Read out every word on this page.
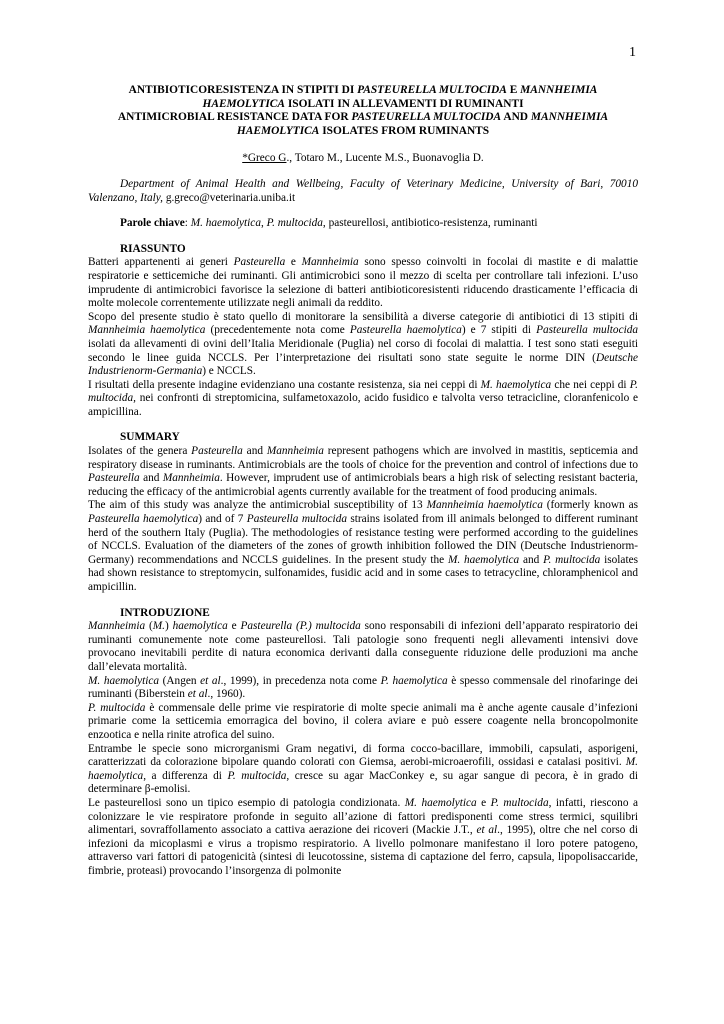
1
ANTIBIOTICORESISTENZA IN STIPITI DI PASTEURELLA MULTOCIDA E MANNHEIMIA HAEMOLYTICA ISOLATI IN ALLEVAMENTI DI RUMINANTI
ANTIMICROBIAL RESISTANCE DATA FOR PASTEURELLA MULTOCIDA AND MANNHEIMIA HAEMOLYTICA ISOLATES FROM RUMINANTS
*Greco G., Totaro M., Lucente M.S., Buonavoglia D.
Department of Animal Health and Wellbeing, Faculty of Veterinary Medicine, University of Bari, 70010 Valenzano, Italy, g.greco@veterinaria.uniba.it
Parole chiave: M. haemolytica, P. multocida, pasteurellosi, antibiotico-resistenza, ruminanti
RIASSUNTO

Batteri appartenenti ai generi Pasteurella e Mannheimia sono spesso coinvolti in focolai di mastite e di malattie respiratorie e setticemiche dei ruminanti. Gli antimicrobici sono il mezzo di scelta per controllare tali infezioni. L’uso imprudente di antimicrobici favorisce la selezione di batteri antibioticoresistenti riducendo drasticamente l’efficacia di molte molecole correntemente utilizzate negli animali da reddito.

Scopo del presente studio è stato quello di monitorare la sensibilità a diverse categorie di antibiotici di 13 stipiti di Mannheimia haemolytica (precedentemente nota come Pasteurella haemolytica) e 7 stipiti di Pasteurella multocida isolati da allevamenti di ovini dell’Italia Meridionale (Puglia) nel corso di focolai di malattia. I test sono stati eseguiti secondo le linee guida NCCLS. Per l’interpretazione dei risultati sono state seguite le norme DIN (Deutsche Industrienorm-Germania) e NCCLS.

I risultati della presente indagine evidenziano una costante resistenza, sia nei ceppi di M. haemolytica che nei ceppi di P. multocida, nei confronti di streptomicina, sulfametoxazolo, acido fusidico e talvolta verso tetracicline, cloranfenicolo e ampicillina.

SUMMARY

Isolates of the genera Pasteurella and Mannheimia represent pathogens which are involved in mastitis, septicemia and respiratory disease in ruminants. Antimicrobials are the tools of choice for the prevention and control of infections due to Pasteurella and Mannheimia. However, imprudent use of antimicrobials bears a high risk of selecting resistant bacteria, reducing the efficacy of the antimicrobial agents currently available for the treatment of food producing animals.

The aim of this study was analyze the antimicrobial susceptibility of 13 Mannheimia haemolytica (formerly known as Pasteurella haemolytica) and of 7 Pasteurella multocida strains isolated from ill animals belonged to different ruminant herd of the southern Italy (Puglia). The methodologies of resistance testing were performed according to the guidelines of NCCLS. Evaluation of the diameters of the zones of growth inhibition followed the DIN (Deutsche Industrienorm-Germany) recommendations and NCCLS guidelines. In the present study the M. haemolytica and P. multocida isolates had shown resistance to streptomycin, sulfonamides, fusidic acid and in some cases to tetracycline, chloramphenicol and ampicillin.

INTRODUZIONE

Mannheimia (M.) haemolytica e Pasteurella (P.) multocida sono responsabili di infezioni dell’apparato respiratorio dei ruminanti comunemente note come pasteurellosi. Tali patologie sono frequenti negli allevamenti intensivi dove provocano inevitabili perdite di natura economica derivanti dalla conseguente riduzione delle produzioni ma anche dall’elevata mortalità.

M. haemolytica (Angen et al., 1999), in precedenza nota come P. haemolytica è spesso commensale del rinofaringe dei ruminanti (Biberstein et al., 1960).

P. multocida è commensale delle prime vie respiratorie di molte specie animali ma è anche agente causale d’infezioni primarie come la setticemia emorragica del bovino, il colera aviare e può essere coagente nella broncopolmonite enzootica e nella rinite atrofica del suino.

Entrambe le specie sono microrganismi Gram negativi, di forma cocco-bacillare, immobili, capsulati, asporigeni, caratterizzati da colorazione bipolare quando colorati con Giemsa, aerobi-microaerofili, ossidasi e catalasi positivi. M. haemolytica, a differenza di P. multocida, cresce su agar MacConkey e, su agar sangue di pecora, è in grado di determinare β-emolisi.

Le pasteurellosi sono un tipico esempio di patologia condizionata. M. haemolytica e P. multocida, infatti, riescono a colonizzare le vie respiratore profonde in seguito all’azione di fattori predisponenti come stress termici, squilibri alimentari, sovraffollamento associato a cattiva aerazione dei ricoveri (Mackie J.T., et al., 1995), oltre che nel corso di infezioni da micoplasmi e virus a tropismo respiratorio. A livello polmonare manifestano il loro potere patogeno, attraverso vari fattori di patogenicità (sintesi di leucotossine, sistema di captazione del ferro, capsula, lipopolisaccaride, fimbrie, proteasi) provocando l’insorgenza di polmonite
